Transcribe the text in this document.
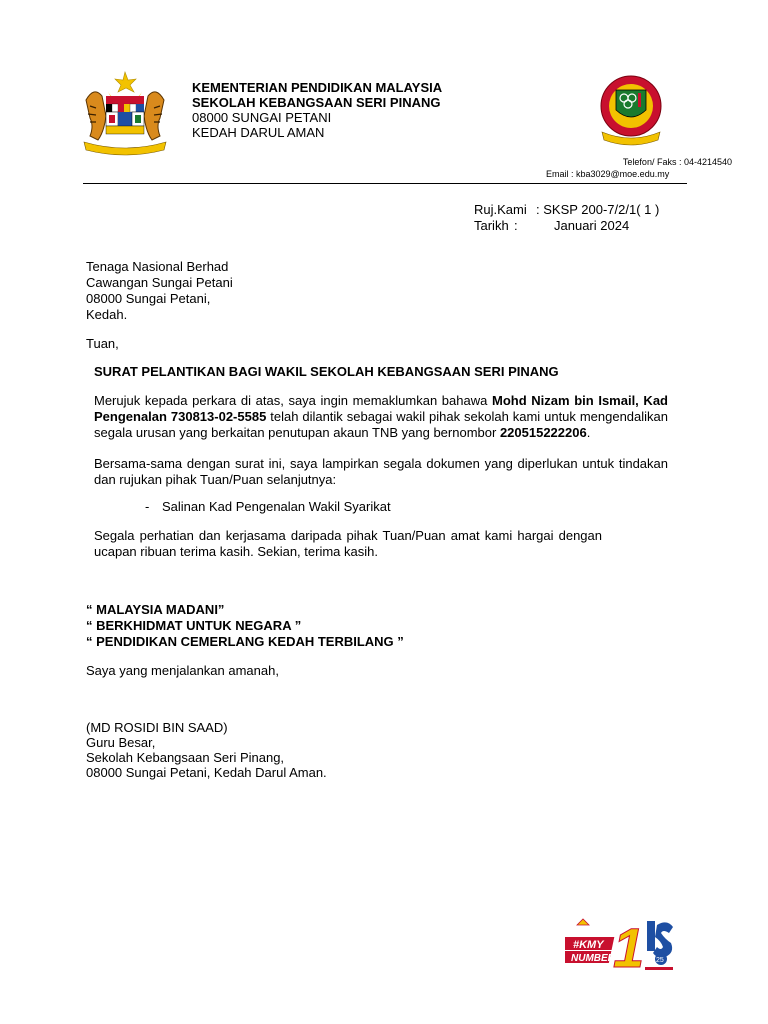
KEMENTERIAN PENDIDIKAN MALAYSIA
SEKOLAH KEBANGSAAN SERI PINANG
08000 SUNGAI PETANI
KEDAH DARUL AMAN
Telefon/ Faks : 04-4214540
Email : kba3029@moe.edu.my
Ruj.Kami : SKSP 200-7/2/1( 1 )
Tarikh :	Januari 2024
Tenaga Nasional Berhad
Cawangan Sungai Petani
08000 Sungai Petani,
Kedah.
Tuan,
SURAT PELANTIKAN BAGI WAKIL SEKOLAH KEBANGSAAN SERI PINANG
Merujuk kepada perkara di atas, saya ingin memaklumkan bahawa Mohd Nizam bin Ismail, Kad Pengenalan 730813-02-5585 telah dilantik sebagai wakil pihak sekolah kami untuk mengendalikan segala urusan yang berkaitan penutupan akaun TNB yang bernombor 220515222206.
Bersama-sama dengan surat ini, saya lampirkan segala dokumen yang diperlukan untuk tindakan dan rujukan pihak Tuan/Puan selanjutnya:
- Salinan Kad Pengenalan Wakil Syarikat
Segala perhatian dan kerjasama daripada pihak Tuan/Puan amat kami hargai dengan ucapan ribuan terima kasih. Sekian, terima kasih.
“ MALAYSIA MADANI”
“ BERKHIDMAT UNTUK NEGARA ”
“ PENDIDIKAN CEMERLANG KEDAH TERBILANG ”
Saya yang menjalankan amanah,
(MD ROSIDI BIN SAAD)
Guru Besar,
Sekolah Kebangsaan Seri Pinang,
08000 Sungai Petani, Kedah Darul Aman.
#KMY
NUMBER
1 25
